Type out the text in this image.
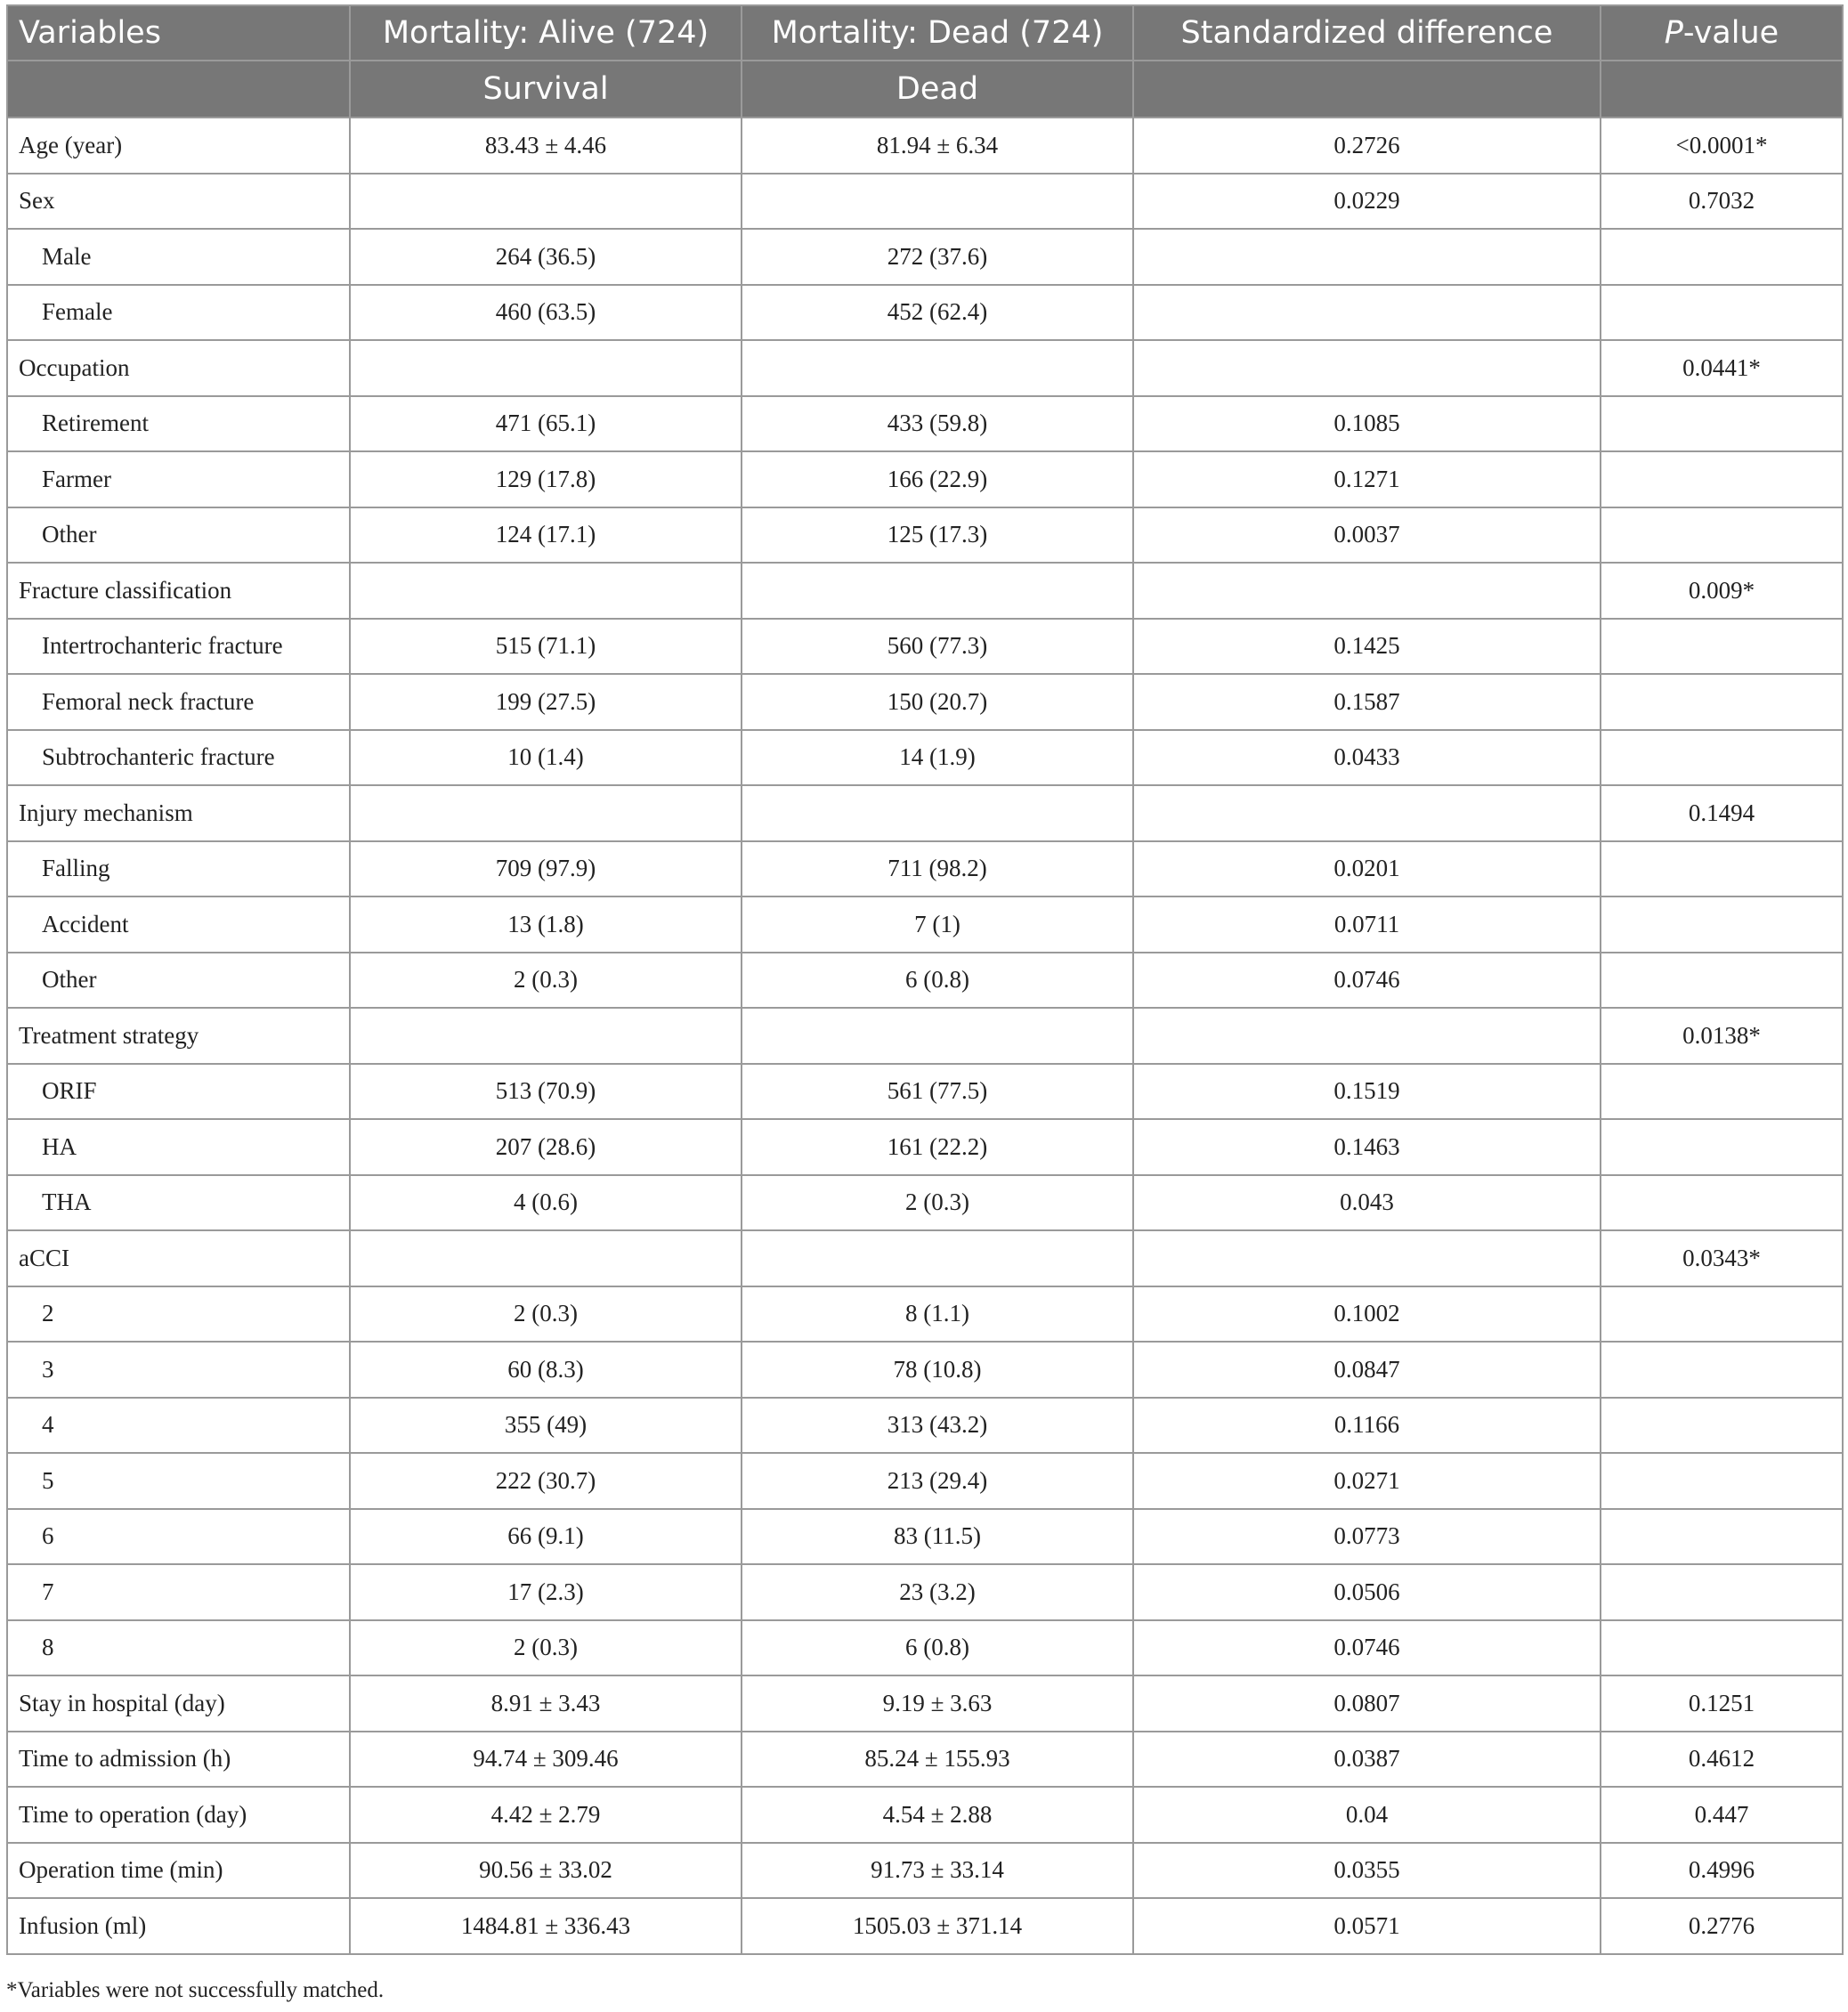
Variables	Mortality: Alive (724)	Mortality: Dead (724)	Standardized difference	P-value
	Survival	Dead		
Age (year)	83.43 ± 4.46	81.94 ± 6.34	0.2726	<0.0001*
Sex			0.0229	0.7032
Male	264 (36.5)	272 (37.6)		
Female	460 (63.5)	452 (62.4)		
Occupation				0.0441*
Retirement	471 (65.1)	433 (59.8)	0.1085	
Farmer	129 (17.8)	166 (22.9)	0.1271	
Other	124 (17.1)	125 (17.3)	0.0037	
Fracture classification				0.009*
Intertrochanteric fracture	515 (71.1)	560 (77.3)	0.1425	
Femoral neck fracture	199 (27.5)	150 (20.7)	0.1587	
Subtrochanteric fracture	10 (1.4)	14 (1.9)	0.0433	
Injury mechanism				0.1494
Falling	709 (97.9)	711 (98.2)	0.0201	
Accident	13 (1.8)	7 (1)	0.0711	
Other	2 (0.3)	6 (0.8)	0.0746	
Treatment strategy				0.0138*
ORIF	513 (70.9)	561 (77.5)	0.1519	
HA	207 (28.6)	161 (22.2)	0.1463	
THA	4 (0.6)	2 (0.3)	0.043	
aCCI				0.0343*
2	2 (0.3)	8 (1.1)	0.1002	
3	60 (8.3)	78 (10.8)	0.0847	
4	355 (49)	313 (43.2)	0.1166	
5	222 (30.7)	213 (29.4)	0.0271	
6	66 (9.1)	83 (11.5)	0.0773	
7	17 (2.3)	23 (3.2)	0.0506	
8	2 (0.3)	6 (0.8)	0.0746	
Stay in hospital (day)	8.91 ± 3.43	9.19 ± 3.63	0.0807	0.1251
Time to admission (h)	94.74 ± 309.46	85.24 ± 155.93	0.0387	0.4612
Time to operation (day)	4.42 ± 2.79	4.54 ± 2.88	0.04	0.447
Operation time (min)	90.56 ± 33.02	91.73 ± 33.14	0.0355	0.4996
Infusion (ml)	1484.81 ± 336.43	1505.03 ± 371.14	0.0571	0.2776
*Variables were not successfully matched.
